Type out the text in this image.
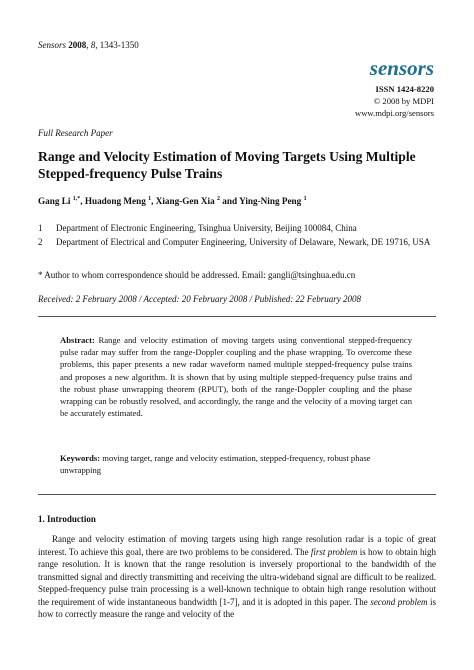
Sensors 2008, 8, 1343-1350
sensors
ISSN 1424-8220
© 2008 by MDPI
www.mdpi.org/sensors
Full Research Paper
Range and Velocity Estimation of Moving Targets Using Multiple Stepped-frequency Pulse Trains
Gang Li $^{1,*}$, Huadong Meng $^1$, Xiang-Gen Xia $^2$ and Ying-Ning Peng $^1$
1 Department of Electronic Engineering, Tsinghua University, Beijing 100084, China
2 Department of Electrical and Computer Engineering, University of Delaware, Newark, DE 19716, USA
* Author to whom correspondence should be addressed. Email: gangli@tsinghua.edu.cn
Received: 2 February 2008 / Accepted: 20 February 2008 / Published: 22 February 2008
Abstract: Range and velocity estimation of moving targets using conventional stepped-frequency pulse radar may suffer from the range-Doppler coupling and the phase wrapping. To overcome these problems, this paper presents a new radar waveform named multiple stepped-frequency pulse trains and proposes a new algorithm. It is shown that by using multiple stepped-frequency pulse trains and the robust phase unwrapping theorem (RPUT), both of the range-Doppler coupling and the phase wrapping can be robustly resolved, and accordingly, the range and the velocity of a moving target can be accurately estimated.
Keywords: moving target, range and velocity estimation, stepped-frequency, robust phase unwrapping
1. Introduction
Range and velocity estimation of moving targets using high range resolution radar is a topic of great interest. To achieve this goal, there are two problems to be considered. The first problem is how to obtain high range resolution. It is known that the range resolution is inversely proportional to the bandwidth of the transmitted signal and directly transmitting and receiving the ultra-wideband signal are difficult to be realized. Stepped-frequency pulse train processing is a well-known technique to obtain high range resolution without the requirement of wide instantaneous bandwidth [1-7], and it is adopted in this paper. The second problem is how to correctly measure the range and velocity of the
